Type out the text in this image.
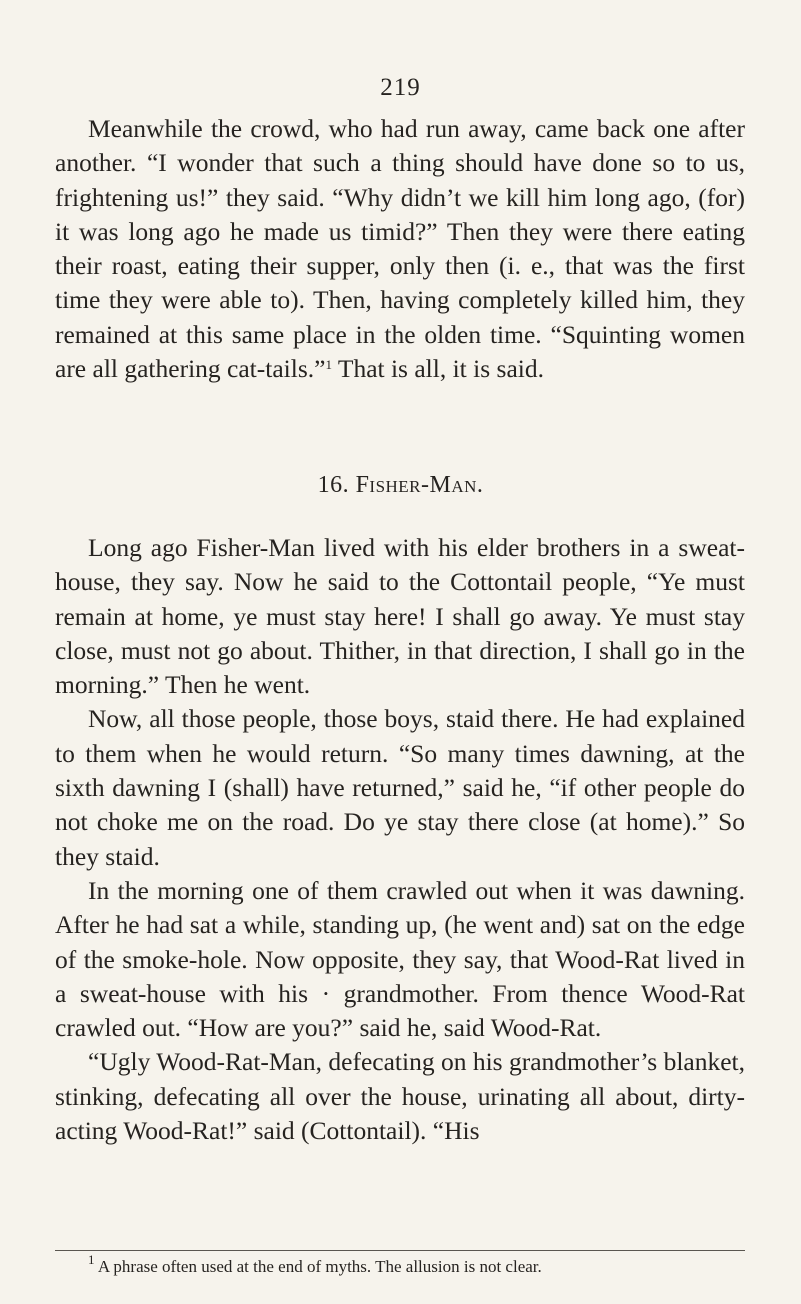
219

Meanwhile the crowd, who had run away, came back one after another. “I wonder that such a thing should have done so to us, frightening us!” they said. “Why didn’t we kill him long ago, (for) it was long ago he made us timid?” Then they were there eating their roast, eating their supper, only then (i. e., that was the first time they were able to). Then, having completely killed him, they remained at this same place in the olden time. “Squinting women are all gathering cat-tails.”$^1$ That is all, it is said.

16. Fisher-Man.

Long ago Fisher-Man lived with his elder brothers in a sweat-house, they say. Now he said to the Cottontail people, “Ye must remain at home, ye must stay here! I shall go away. Ye must stay close, must not go about. Thither, in that direction, I shall go in the morning.” Then he went.

Now, all those people, those boys, staid there. He had explained to them when he would return. “So many times dawning, at the sixth dawning I (shall) have returned,” said he, “if other people do not choke me on the road. Do ye stay there close (at home).” So they staid.

In the morning one of them crawled out when it was dawning. After he had sat a while, standing up, (he went and) sat on the edge of the smoke-hole. Now opposite, they say, that Wood-Rat lived in a sweat-house with his · grandmother. From thence Wood-Rat crawled out. “How are you?” said he, said Wood-Rat.

“Ugly Wood-Rat-Man, defecating on his grandmother’s blanket, stinking, defecating all over the house, urinating all about, dirty-acting Wood-Rat!” said (Cottontail). “His

$^1$ A phrase often used at the end of myths. The allusion is not clear.
